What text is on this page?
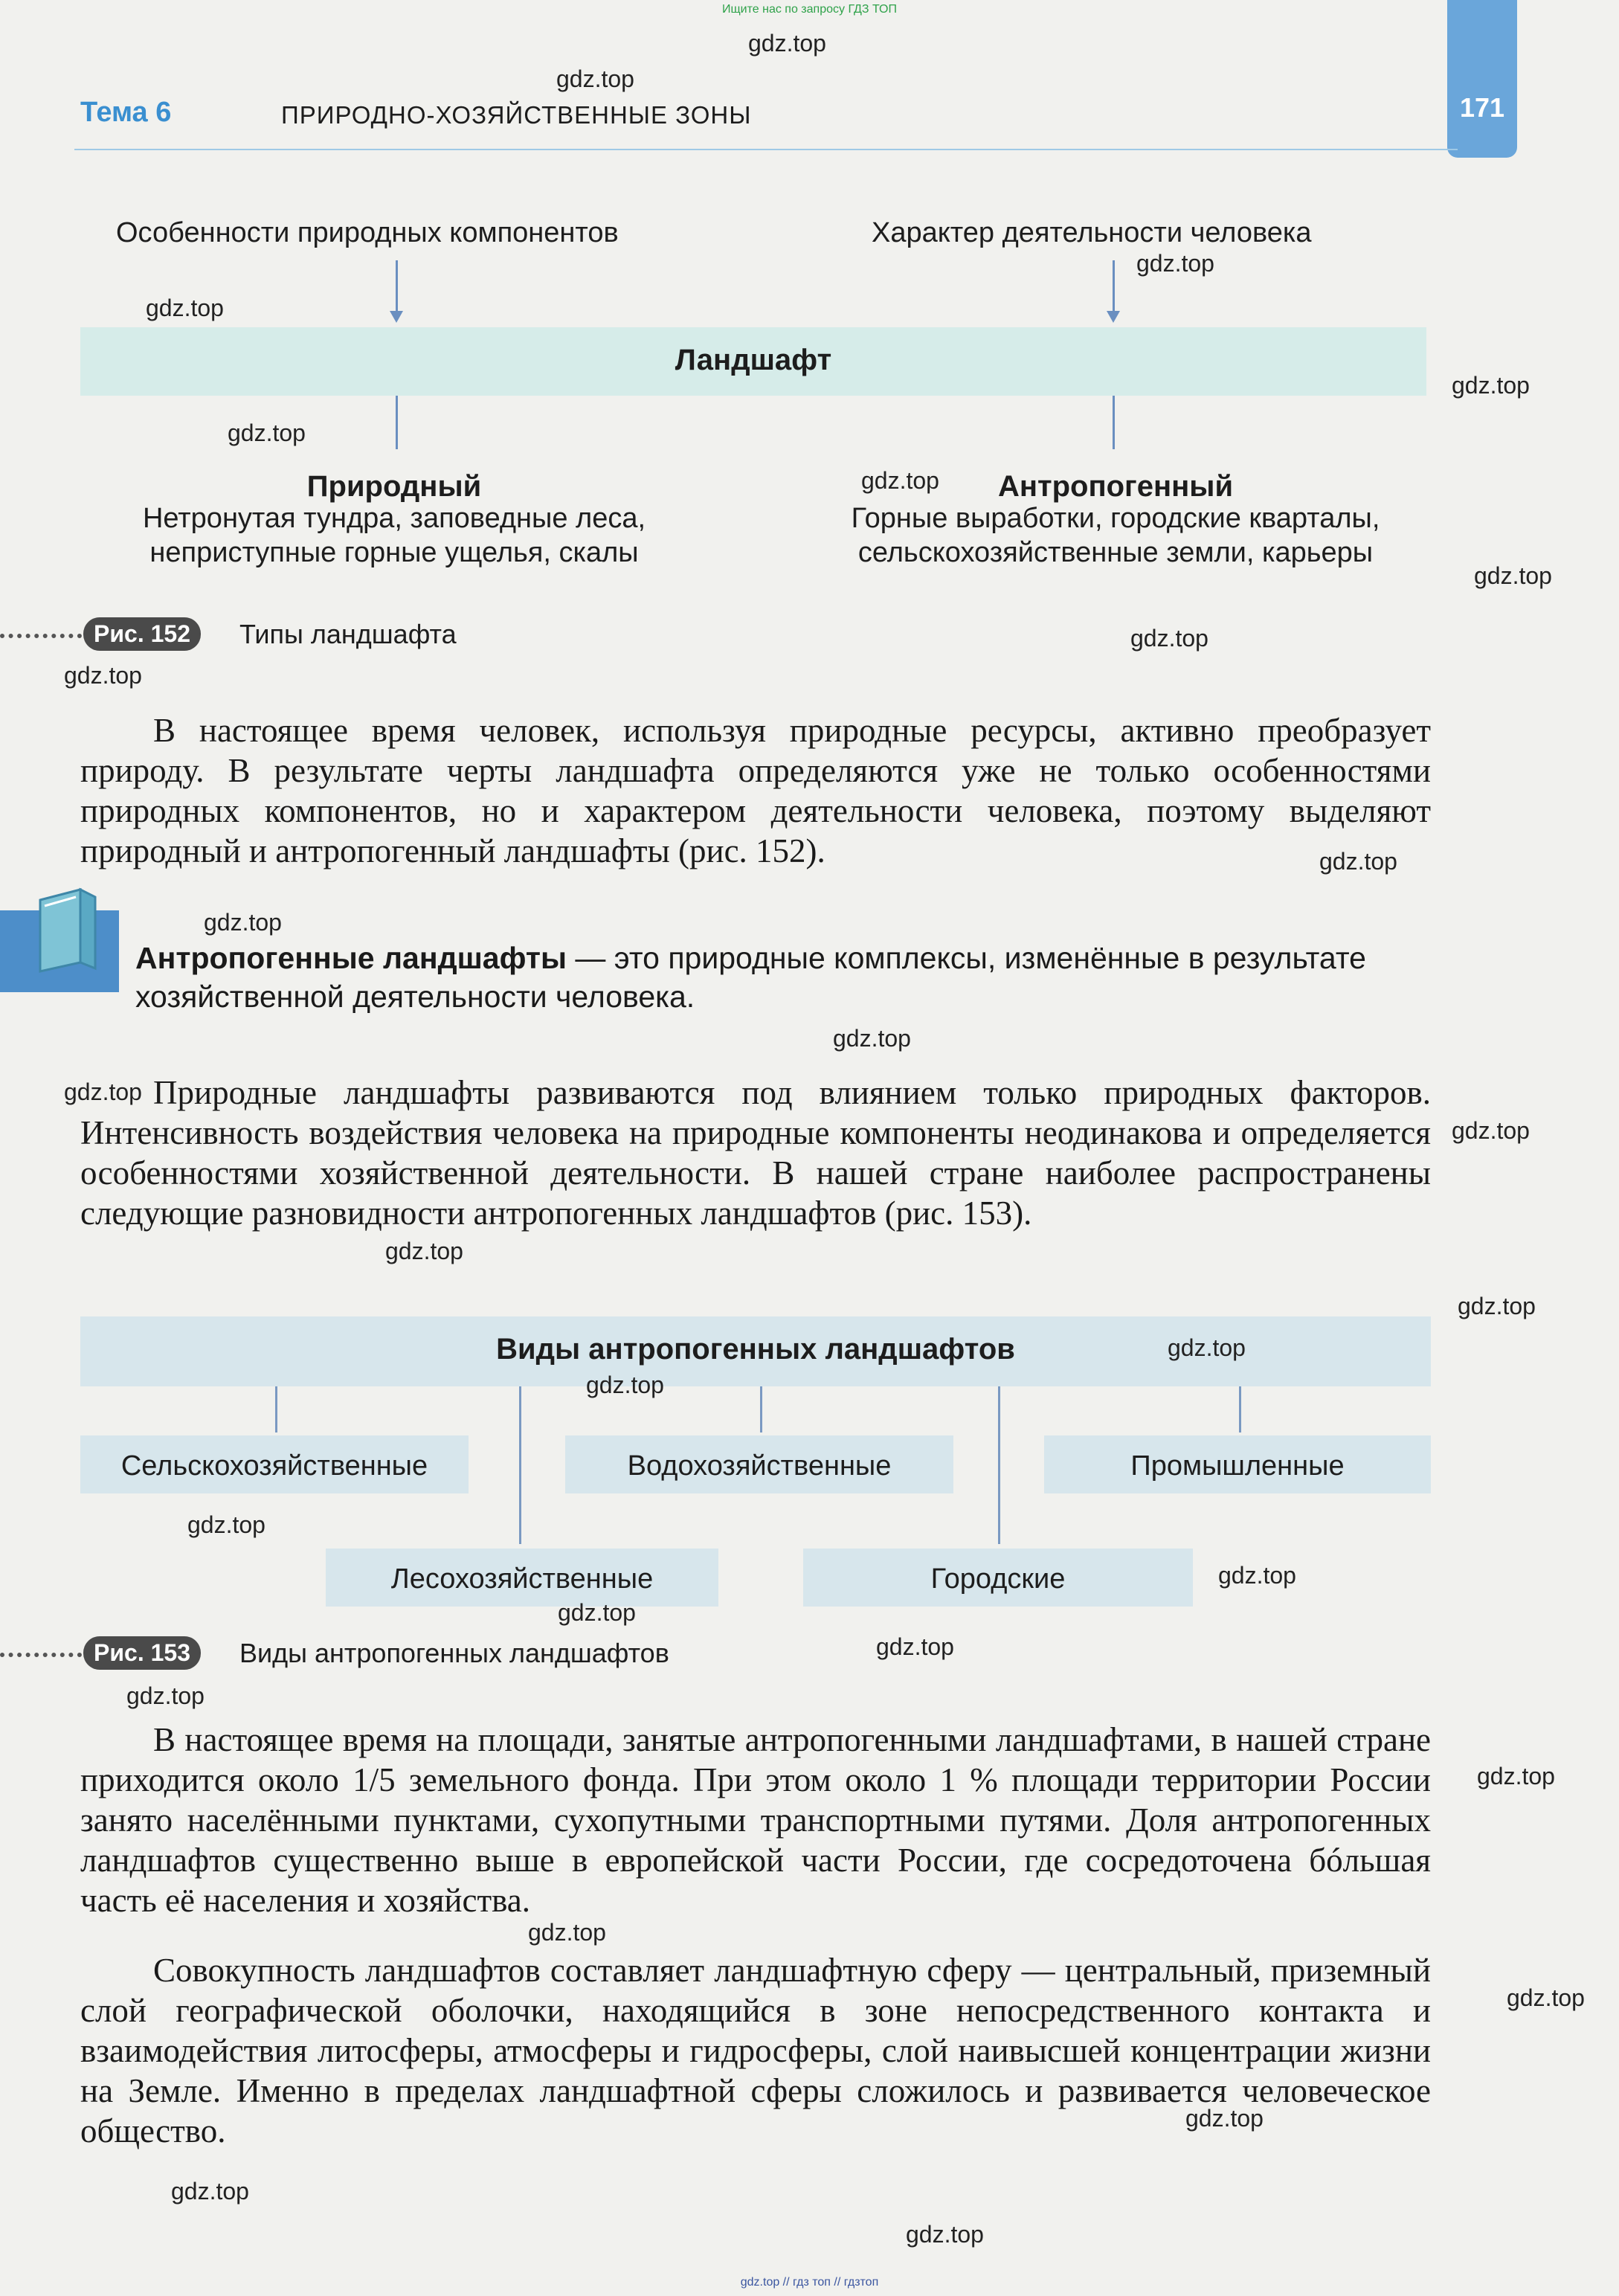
Ищите нас по запросу ГДЗ ТОП
171
Тема 6	ПРИРОДНО-ХОЗЯЙСТВЕННЫЕ ЗОНЫ
Особенности природных компонентов	Характер деятельности человека
Ландшафт
Природный
Нетронутая тундра, заповедные леса,
неприступные горные ущелья, скалы
Антропогенный
Горные выработки, городские кварталы,
сельскохозяйственные земли, карьеры
Рис. 152	Типы ландшафта
В настоящее время человек, используя природные ресурсы, активно преобразует природу. В результате черты ландшафта определяются уже не только особенностями природных компонентов, но и характером деятельности человека, поэтому выделяют природный и антропогенный ландшафты (рис. 152).
Антропогенные ландшафты — это природные комплексы, изменённые в результате хозяйственной деятельности человека.
Природные ландшафты развиваются под влиянием только природных факторов. Интенсивность воздействия человека на природные компоненты неодинакова и определяется особенностями хозяйственной деятельности. В нашей стране наиболее распространены следующие разновидности антропогенных ландшафтов (рис. 153).
Виды антропогенных ландшафтов
Сельскохозяйственные	Водохозяйственные	Промышленные
Лесохозяйственные	Городские
Рис. 153	Виды антропогенных ландшафтов
В настоящее время на площади, занятые антропогенными ландшафтами, в нашей стране приходится около 1/5 земельного фонда. При этом около 1 % площади территории России занято населёнными пунктами, сухопутными транспортными путями. Доля антропогенных ландшафтов существенно выше в европейской части России, где сосредоточена бóльшая часть её населения и хозяйства.
Совокупность ландшафтов составляет ландшафтную сферу — центральный, приземный слой географической оболочки, находящийся в зоне непосредственного контакта и взаимодействия литосферы, атмосферы и гидросферы, слой наивысшей концентрации жизни на Земле. Именно в пределах ландшафтной сферы сложилось и развивается человеческое общество.
gdz.top
gdz.top
gdz.top
gdz.top
gdz.top
gdz.top
gdz.top
gdz.top
gdz.top
gdz.top
gdz.top
gdz.top
gdz.top
gdz.top
gdz.top
gdz.top
gdz.top
gdz.top
gdz.top
gdz.top
gdz.top
gdz.top
gdz.top
gdz.top
gdz.top
gdz.top
gdz.top
gdz.top
gdz.top
gdz.top
gdz.top // гдз топ // гдзтоп
